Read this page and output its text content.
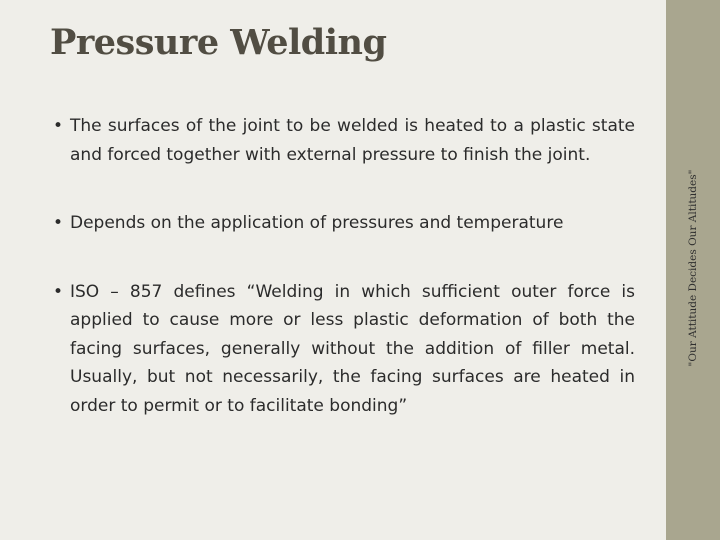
Pressure Welding
• The surfaces of the joint to be welded is heated to a plastic state and forced together with external pressure to finish the joint.
• Depends on the application of pressures and temperature
• ISO – 857 defines “Welding in which sufficient outer force is applied to cause more or less plastic deformation of both the facing surfaces, generally without the addition of filler metal. Usually, but not necessarily, the facing surfaces are heated in order to permit or to facilitate bonding”
"Our Attitude Decides Our Altitudes"
